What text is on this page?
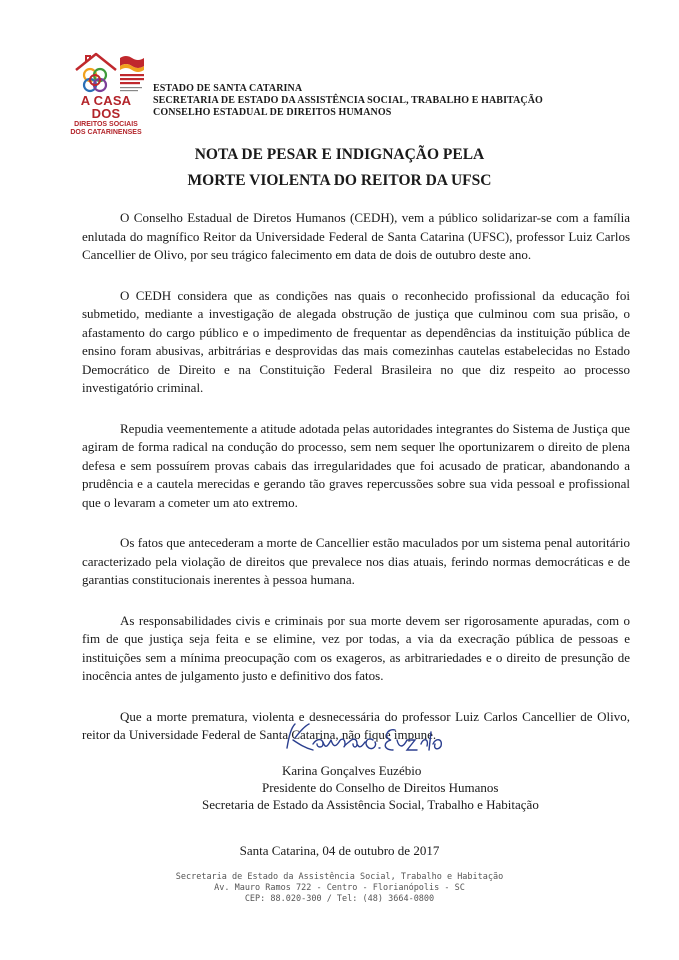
A CASA DOS
DIREITOS SOCIAIS
DOS CATARINENSES
ESTADO DE SANTA CATARINA
SECRETARIA DE ESTADO DA ASSISTÊNCIA SOCIAL, TRABALHO E HABITAÇÃO
CONSELHO ESTADUAL DE DIREITOS HUMANOS
NOTA DE PESAR E INDIGNAÇÃO PELA
MORTE VIOLENTA DO REITOR DA UFSC

O Conselho Estadual de Diretos Humanos (CEDH), vem a público solidarizar-se com a família enlutada do magnífico Reitor da Universidade Federal de Santa Catarina (UFSC), professor Luiz Carlos Cancellier de Olivo, por seu trágico falecimento em data de dois de outubro deste ano.

O CEDH considera que as condições nas quais o reconhecido profissional da educação foi submetido, mediante a investigação de alegada obstrução de justiça que culminou com sua prisão, o afastamento do cargo público e o impedimento de frequentar as dependências da instituição pública de ensino foram abusivas, arbitrárias e desprovidas das mais comezinhas cautelas estabelecidas no Estado Democrático de Direito e na Constituição Federal Brasileira no que diz respeito ao processo investigatório criminal.

Repudia veementemente a atitude adotada pelas autoridades integrantes do Sistema de Justiça que agiram de forma radical na condução do processo, sem nem sequer lhe oportunizarem o direito de plena defesa e sem possuírem provas cabais das irregularidades que foi acusado de praticar, abandonando a prudência e a cautela merecidas e gerando tão graves repercussões sobre sua vida pessoal e profissional que o levaram a cometer um ato extremo.

Os fatos que antecederam a morte de Cancellier estão maculados por um sistema penal autoritário caracterizado pela violação de direitos que prevalece nos dias atuais, ferindo normas democráticas e de garantias constitucionais inerentes à pessoa humana.

As responsabilidades civis e criminais por sua morte devem ser rigorosamente apuradas, com o fim de que justiça seja feita e se elimine, vez por todas, a via da execração pública de pessoas e instituições sem a mínima preocupação com os exageros, as arbitrariedades e o direito de presunção de inocência antes de julgamento justo e definitivo dos fatos.

Que a morte prematura, violenta e desnecessária do professor Luiz Carlos Cancellier de Olivo, reitor da Universidade Federal de Santa Catarina, não fique impune.

Karina Gonçalves Euzébio
Presidente do Conselho de Direitos Humanos
Secretaria de Estado da Assistência Social, Trabalho e Habitação
Santa Catarina, 04 de outubro de 2017
Secretaria de Estado da Assistência Social, Trabalho e Habitação
Av. Mauro Ramos 722 - Centro - Florianópolis - SC
CEP: 88.020-300 / Tel: (48) 3664-0800
